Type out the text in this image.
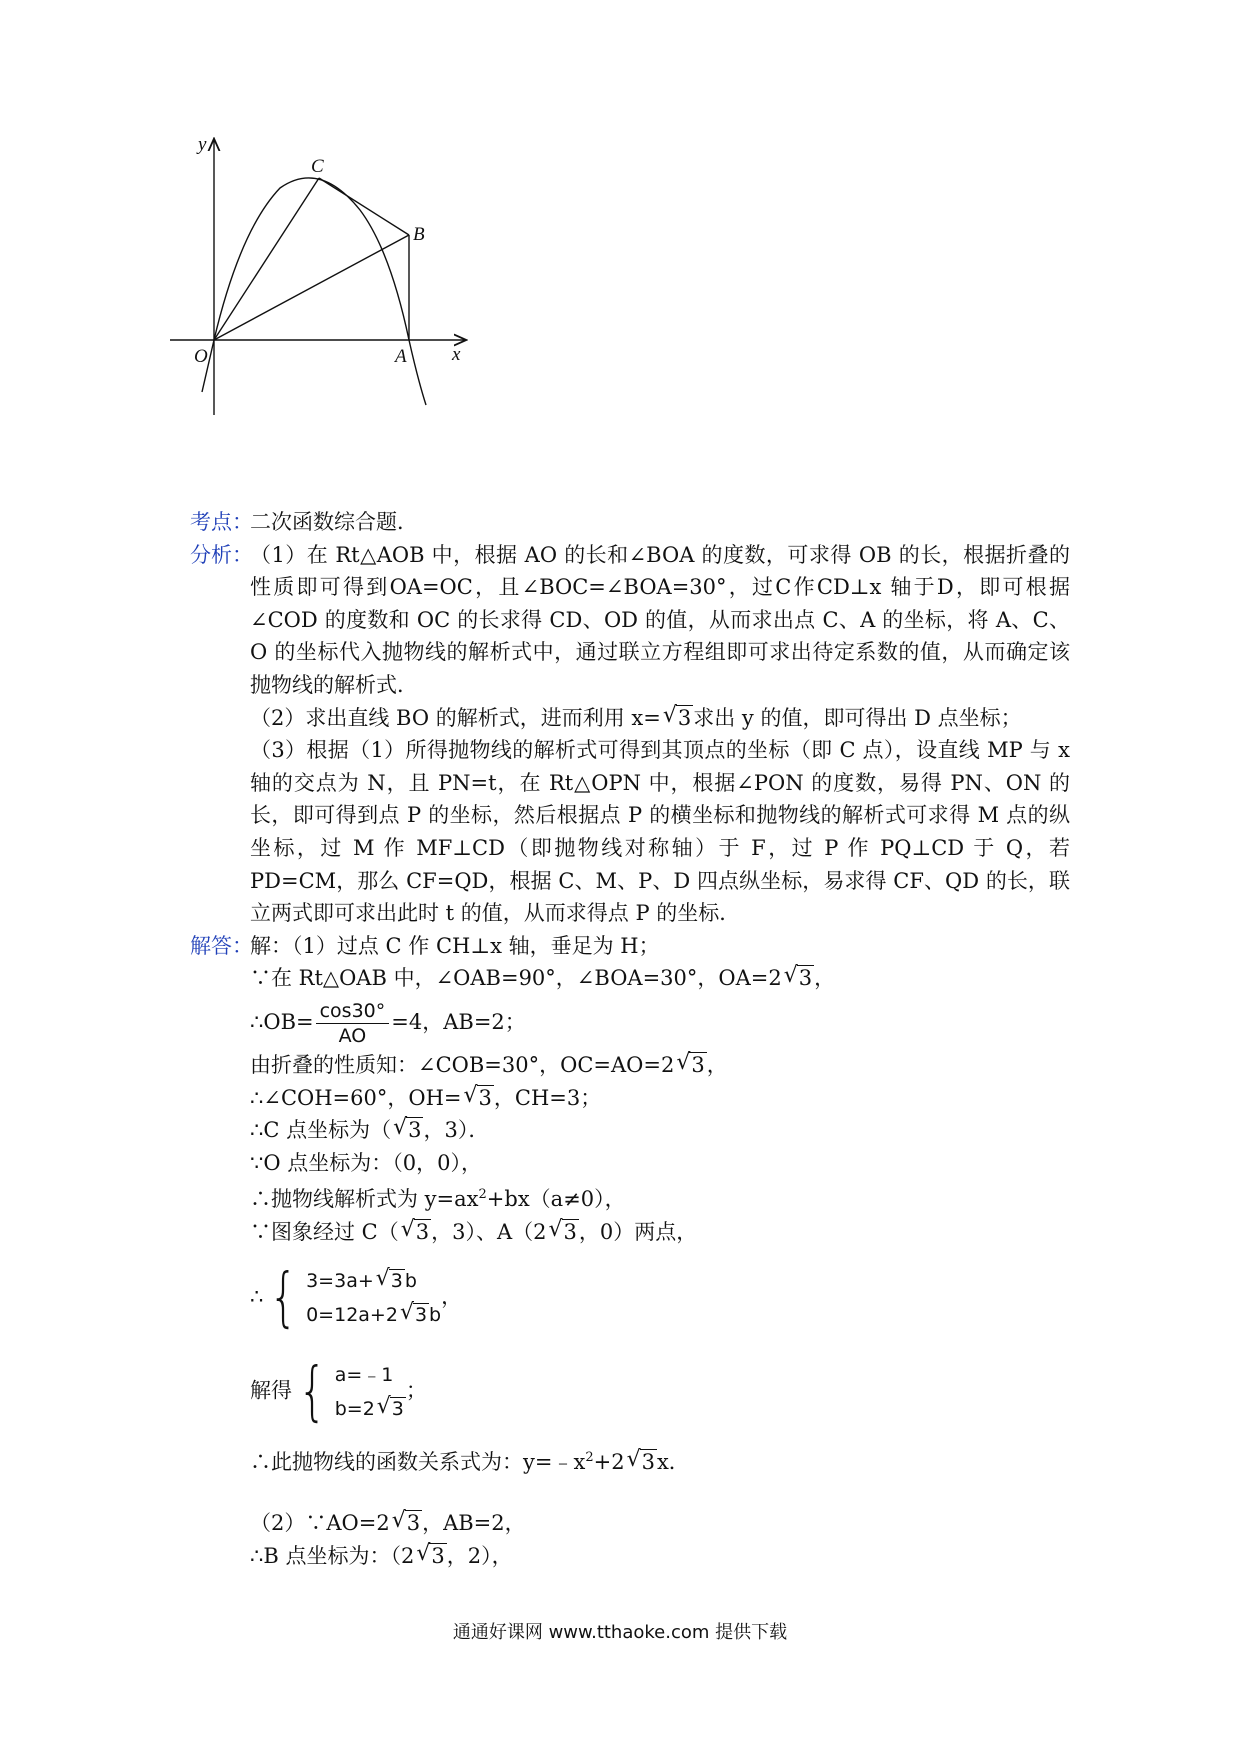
y
x
O	A
B
C
考点：
二次函数综合题．
分析：
（1）在 Rt△AOB 中，根据 AO 的长和∠BOA 的度数，可求得 OB 的长，根据折叠的性质即可得到OA=OC，且∠BOC=∠BOA=30°，过C作CD⊥x 轴于D，即可根据∠COD 的度数和 OC 的长求得 CD、OD 的值，从而求出点 C、A 的坐标，将 A、C、O 的坐标代入抛物线的解析式中，通过联立方程组即可求出待定系数的值，从而确定该抛物线的解析式．
（2）求出直线 BO 的解析式，进而利用 x=√ 3求出 y 的值，即可得出 D 点坐标；
（3）根据（1）所得抛物线的解析式可得到其顶点的坐标（即 C 点），设直线 MP 与 x 轴的交点为 N，且 PN=t，在 Rt△OPN 中，根据∠PON 的度数，易得 PN、ON 的长，即可得到点 P 的坐标，然后根据点 P 的横坐标和抛物线的解析式可求得 M 点的纵坐标，过 M 作 MF⊥CD（即抛物线对称轴）于 F，过 P 作 PQ⊥CD 于 Q，若 PD=CM，那么 CF=QD，根据 C、M、P、D 四点纵坐标，易求得 CF、QD 的长，联立两式即可求出此时 t 的值，从而求得点 P 的坐标．
解答：
解：（1）过点 C 作 CH⊥x 轴，垂足为 H；
∵在 Rt△OAB 中，∠OAB=90°，∠BOA=30°，OA=2√ 3，
∴OB= $\frac{\cos 30^\circ}{AO} =4$，AB=2；
由折叠的性质知：∠COB=30°，OC=AO=2√ 3，
∴∠COH=60°，OH=√ 3，CH=3；
∴C 点坐标为（√ 3，3）．
∵O 点坐标为：（0，0），
∴抛物线解析式为 $y=ax^2+bx(a\ne 0)$，
∵图象经过 C（√ 3，3）、A（2√ 3，0）两点，
∴ { 3=3a+√ 3 b
0=12a+2√ 3 b
，
解得 { a=﹣1
b=2√ 3
；
∴此抛物线的函数关系式为：$y=﹣x^2+2√$ 3x．
（2）∵AO=2√ 3，AB=2，
∴B 点坐标为：（2√ 3，2），
通通好课网 www.tthaoke.com 提供下载
